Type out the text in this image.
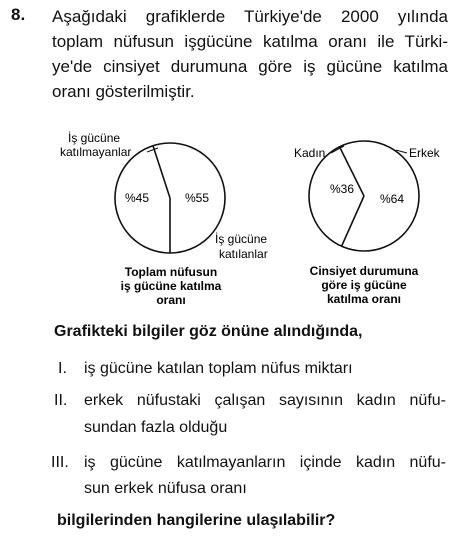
8. Aşağıdaki grafiklerde Türkiye'de 2000 yılında
toplam nüfusun işgücüne katılma oranı ile Türki-
ye'de cinsiyet durumuna göre iş gücüne katılma
oranı gösterilmiştir.
%45	%55
İş gücüne
katılmayanlar
İş gücüne
katılanlar
Toplam nüfusun
iş gücüne katılma
oranı
%36
%64
Kadın	Erkek
Cinsiyet durumuna
göre iş gücüne
katılma oranı
Grafikteki bilgiler göz önüne alındığında,
I. iş gücüne katılan toplam nüfus miktarı
II. erkek nüfustaki çalışan sayısının kadın nüfu-
sundan fazla olduğu
III. iş gücüne katılmayanların içinde kadın nüfu-
sun erkek nüfusa oranı
bilgilerinden hangilerine ulaşılabilir?
